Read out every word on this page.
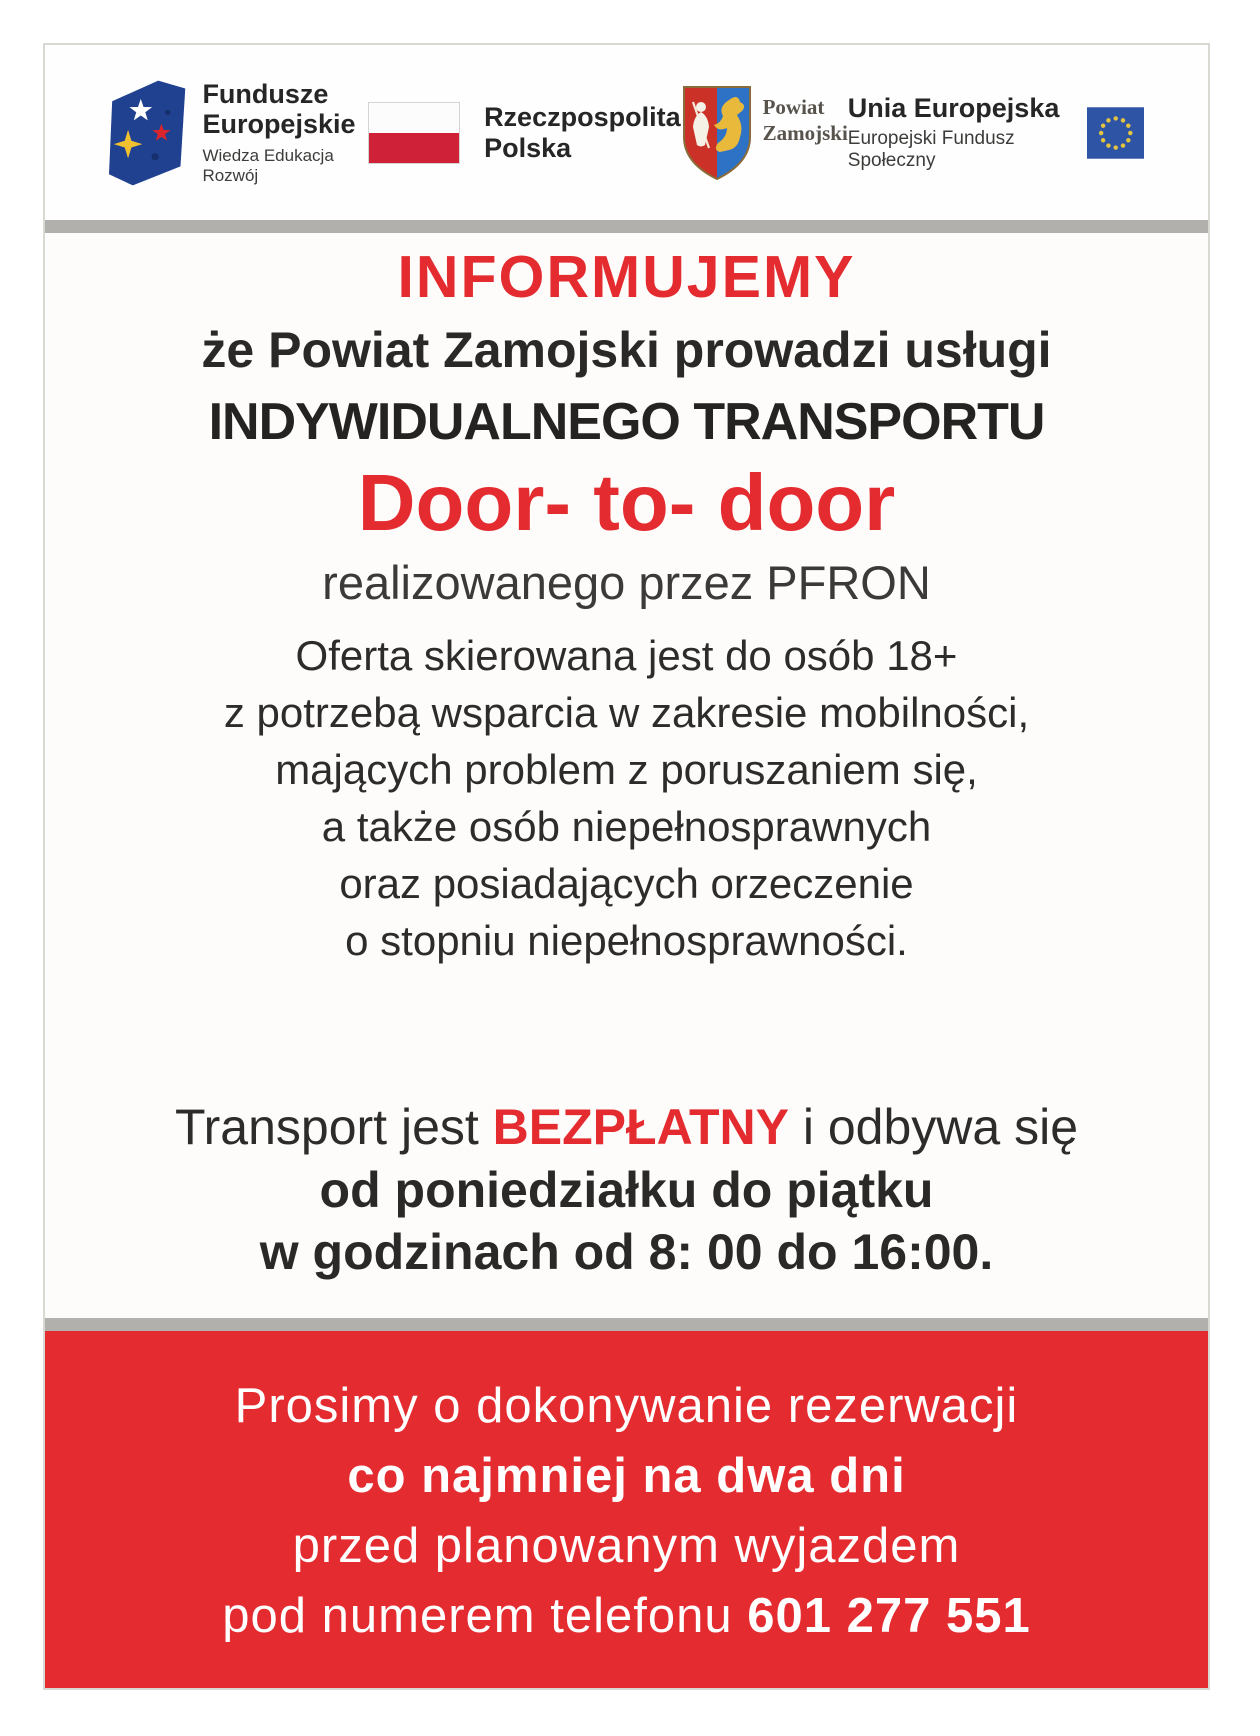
Fundusze
Europejskie
Wiedza Edukacja Rozwój
Rzeczpospolita
Polska
Powiat
Zamojski
Unia Europejska
Europejski Fundusz Społeczny
INFORMUJEMY

że Powiat Zamojski prowadzi usługi

INDYWIDUALNEGO TRANSPORTU

Door- to- door

realizowanego przez PFRON

Oferta skierowana jest do osób 18+
z potrzebą wsparcia w zakresie mobilności,
mających problem z poruszaniem się,
a także osób niepełnosprawnych
oraz posiadających orzeczenie
o stopniu niepełnosprawności.

Transport jest BEZPŁATNY i odbywa się

od poniedziałku do piątku

w godzinach od 8: 00 do 16:00.

Prosimy o dokonywanie rezerwacji

co najmniej na dwa dni

przed planowanym wyjazdem

pod numerem telefonu 601 277 551
